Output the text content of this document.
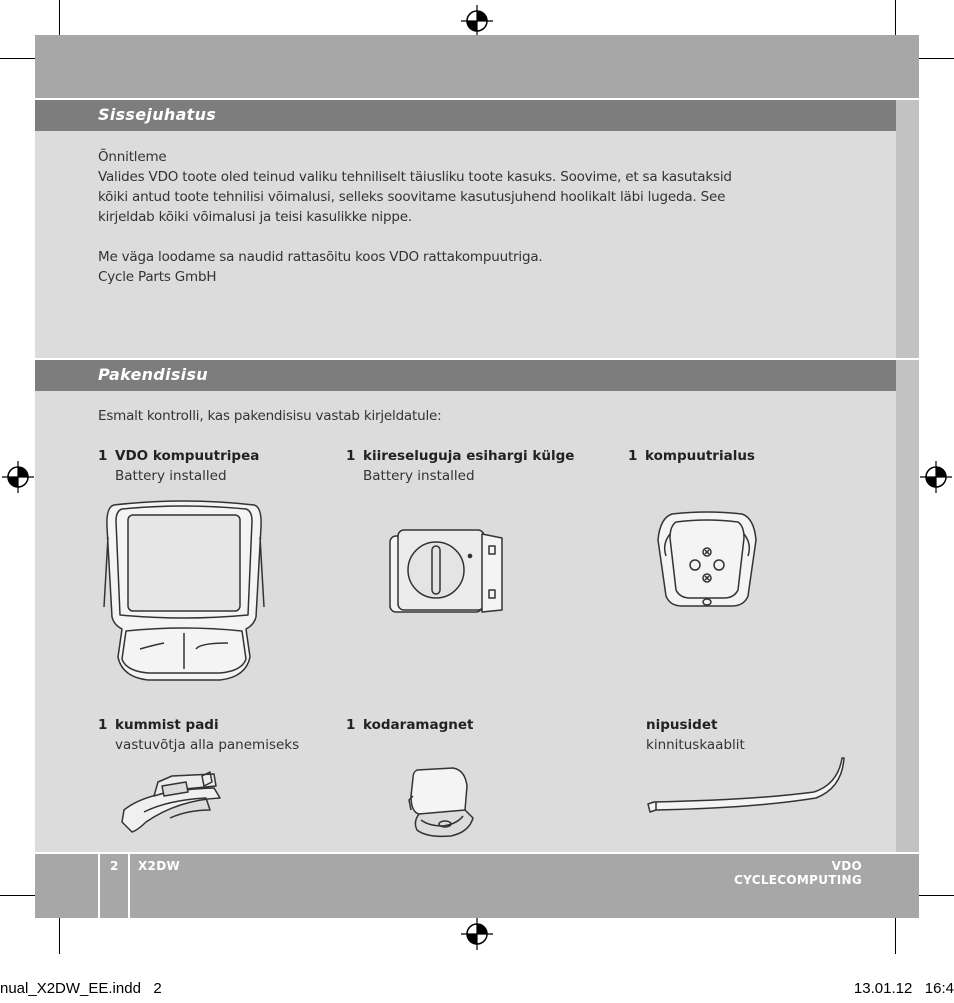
Sissejuhatus
Õnnitleme
Valides VDO toote oled teinud valiku tehniliselt täiusliku toote kasuks. Soovime, et sa kasutaksid
kõiki antud toote tehnilisi võimalusi, selleks soovitame kasutusjuhend hoolikalt läbi lugeda. See
kirjeldab kõiki võimalusi ja teisi kasulikke nippe.
Me väga loodame sa naudid rattasõitu koos VDO rattakompuutriga.
Cycle Parts GmbH
Pakendisisu
Esmalt kontrolli, kas pakendisisu vastab kirjeldatule:
1 VDO kompuutripea
Battery installed
1 kiireseluguja esihargi külge
Battery installed
1 kompuutrialus
1 kummist padi
vastuvõtja alla panemiseks
1 kodaramagnet	nipusidet
kinnituskaablit
2 X2DW	VDO CYCLECOMPUTING
nual_X2DW_EE.indd   2	13.01.12   16:4
